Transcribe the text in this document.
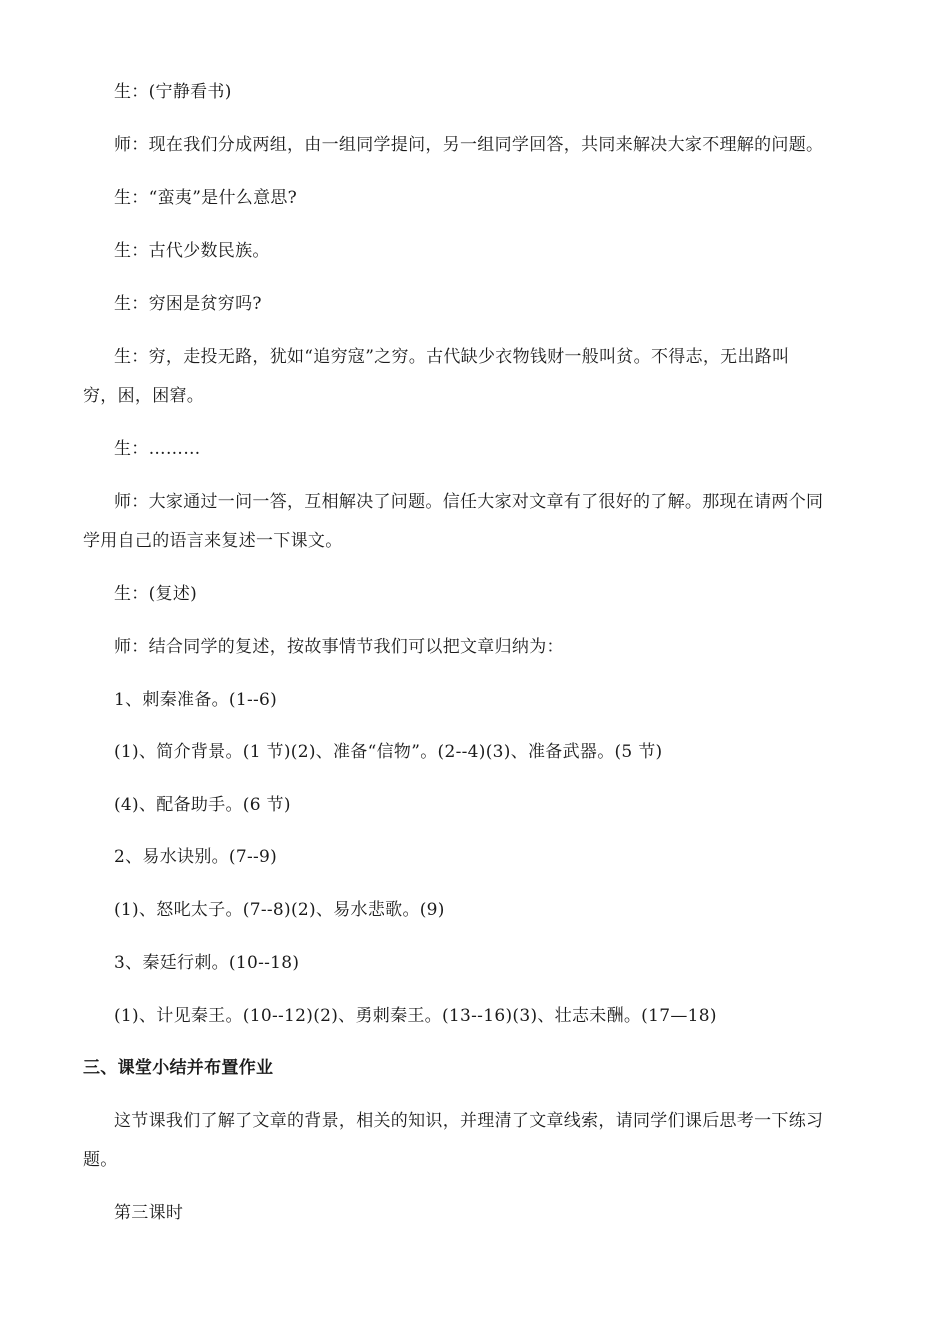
生：(宁静看书)
师：现在我们分成两组，由一组同学提问，另一组同学回答，共同来解决大家不理解的问题。
生：“蛮夷”是什么意思?
生：古代少数民族。
生：穷困是贫穷吗?
生：穷，走投无路，犹如“追穷寇”之穷。古代缺少衣物钱财一般叫贫。不得志，无出路叫
穷，困，困窘。
生：………
师：大家通过一问一答，互相解决了问题。信任大家对文章有了很好的了解。那现在请两个同
学用自己的语言来复述一下课文。
生：(复述)
师：结合同学的复述，按故事情节我们可以把文章归纳为：
1、刺秦准备。(1--6)
(1)、简介背景。(1 节)(2)、准备“信物”。(2--4)(3)、准备武器。(5 节)
(4)、配备助手。(6 节)
2、易水诀别。(7--9)
(1)、怒叱太子。(7--8)(2)、易水悲歌。(9)
3、秦廷行刺。(10--18)
(1)、计见秦王。(10--12)(2)、勇刺秦王。(13--16)(3)、壮志未酬。(17—18)
三、课堂小结并布置作业
这节课我们了解了文章的背景，相关的知识，并理清了文章线索，请同学们课后思考一下练习
题。
第三课时
